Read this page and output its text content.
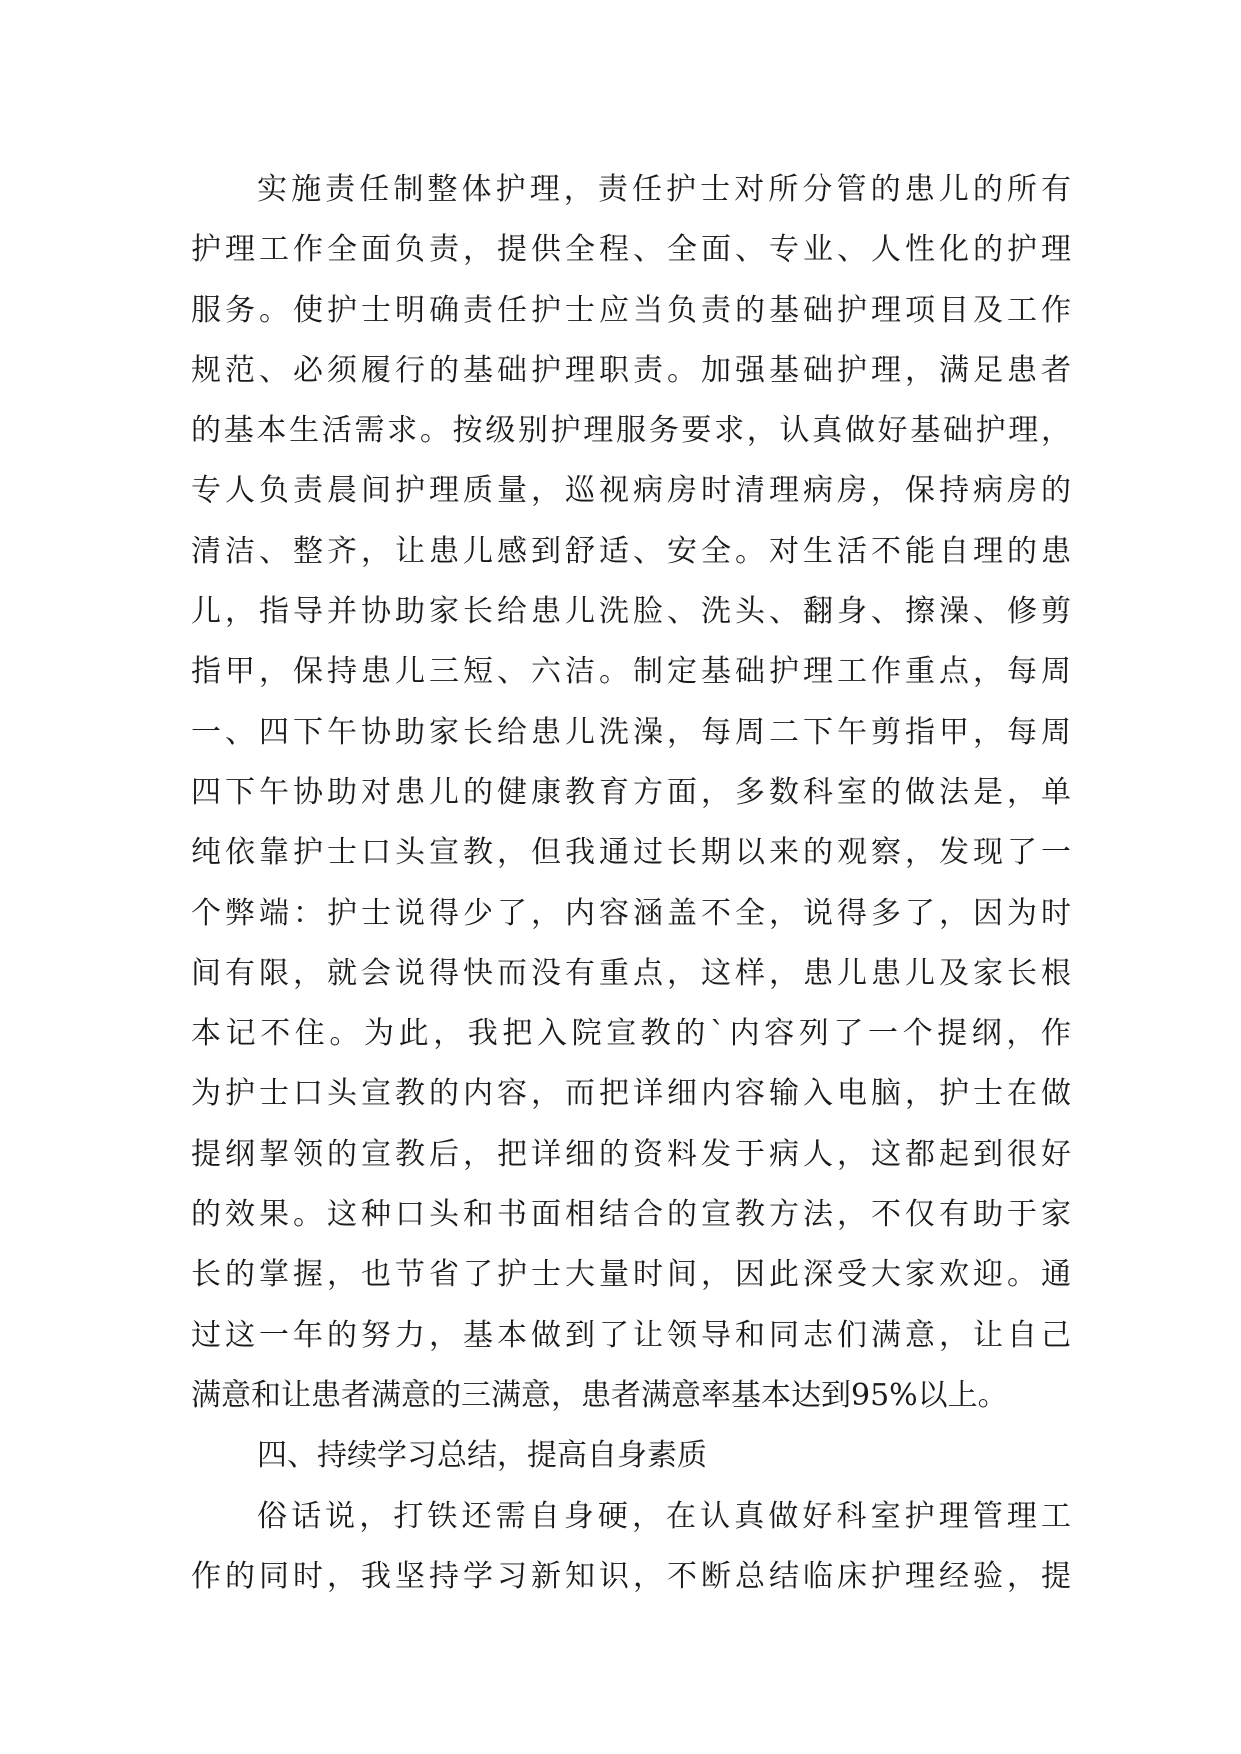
实施责任制整体护理，责任护士对所分管的患儿的所有
护理工作全面负责，提供全程、全面、专业、人性化的护理
服务。使护士明确责任护士应当负责的基础护理项目及工作
规范、必须履行的基础护理职责。加强基础护理，满足患者
的基本生活需求。按级别护理服务要求，认真做好基础护理，
专人负责晨间护理质量，巡视病房时清理病房，保持病房的
清洁、整齐，让患儿感到舒适、安全。对生活不能自理的患
儿，指导并协助家长给患儿洗脸、洗头、翻身、擦澡、修剪
指甲，保持患儿三短、六洁。制定基础护理工作重点，每周
一、四下午协助家长给患儿洗澡，每周二下午剪指甲，每周
四下午协助对患儿的健康教育方面，多数科室的做法是，单
纯依靠护士口头宣教，但我通过长期以来的观察，发现了一
个弊端：护士说得少了，内容涵盖不全，说得多了，因为时
间有限，就会说得快而没有重点，这样，患儿患儿及家长根
本记不住。为此，我把入院宣教的`内容列了一个提纲，作
为护士口头宣教的内容，而把详细内容输入电脑，护士在做
提纲挈领的宣教后，把详细的资料发于病人，这都起到很好
的效果。这种口头和书面相结合的宣教方法，不仅有助于家
长的掌握，也节省了护士大量时间，因此深受大家欢迎。通
过这一年的努力，基本做到了让领导和同志们满意，让自己
满意和让患者满意的三满意，患者满意率基本达到95%以上。
四、持续学习总结，提高自身素质
俗话说，打铁还需自身硬，在认真做好科室护理管理工
作的同时，我坚持学习新知识，不断总结临床护理经验，提
